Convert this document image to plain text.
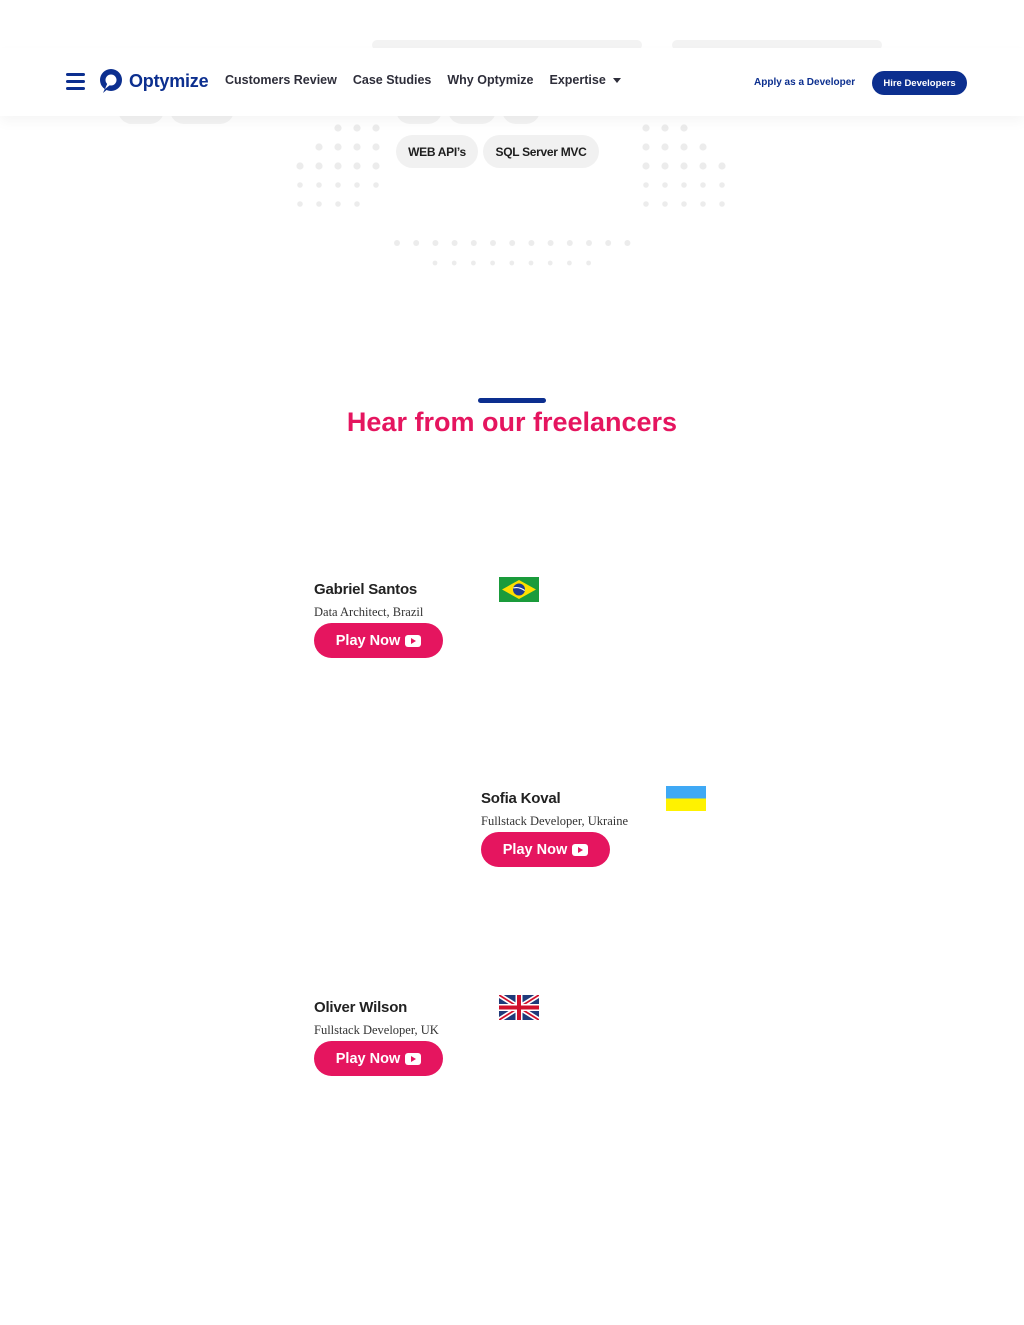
Optymize Customers Review Case Studies Why Optymize Expertise	Apply as a Developer	Hire Developers
WEB API’s	SQL Server MVC
Hear from our freelancers
Gabriel Santos
Data Architect, Brazil
Play Now
Sofia Koval
Fullstack Developer, Ukraine
Play Now
Oliver Wilson
Fullstack Developer, UK
Play Now
